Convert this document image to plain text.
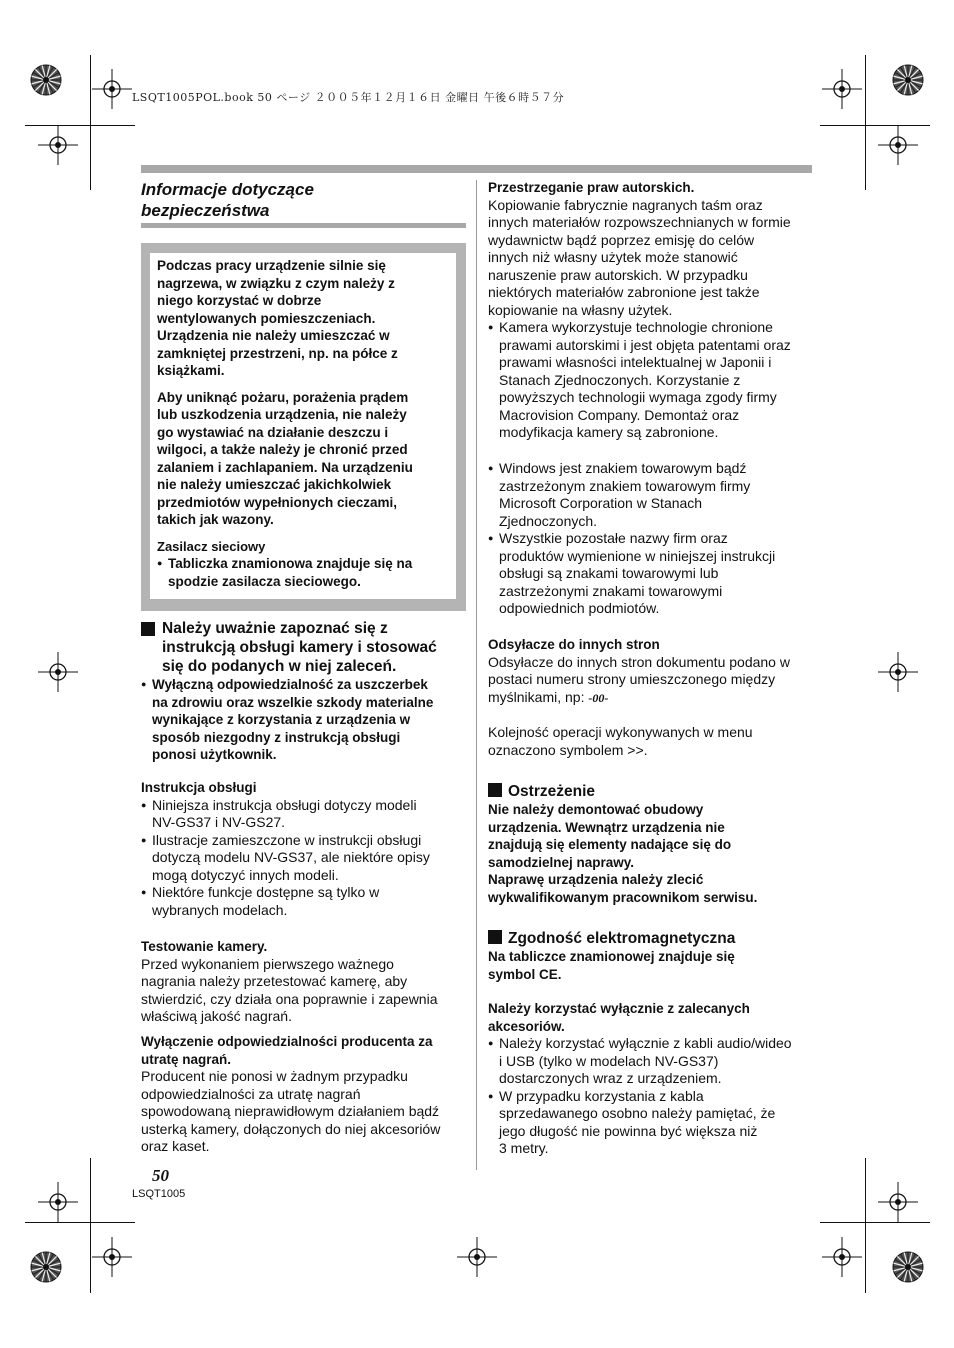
LSQT1005POL.book 50 ページ ２００５年１２月１６日 金曜日 午後６時５７分
Informacje dotyczące
bezpieczeństwa
Podczas pracy urządzenie silnie się
nagrzewa, w związku z czym należy z
niego korzystać w dobrze
wentylowanych pomieszczeniach.
Urządzenia nie należy umieszczać w
zamkniętej przestrzeni, np. na półce z
książkami.
Aby uniknąć pożaru, porażenia prądem
lub uszkodzenia urządzenia, nie należy
go wystawiać na działanie deszczu i
wilgoci, a także należy je chronić przed
zalaniem i zachlapaniem. Na urządzeniu
nie należy umieszczać jakichkolwiek
przedmiotów wypełnionych cieczami,
takich jak wazony.
Zasilacz sieciowy
● Tabliczka znamionowa znajduje się na
spodzie zasilacza sieciowego.
Należy uważnie zapoznać się z
instrukcją obsługi kamery i stosować
się do podanych w niej zaleceń.
● Wyłączną odpowiedzialność za uszczerbek
na zdrowiu oraz wszelkie szkody materialne
wynikające z korzystania z urządzenia w
sposób niezgodny z instrukcją obsługi
ponosi użytkownik.
Instrukcja obsługi
● Niniejsza instrukcja obsługi dotyczy modeli
NV-GS37 i NV-GS27.
● Ilustracje zamieszczone w instrukcji obsługi
dotyczą modelu NV-GS37, ale niektóre opisy
mogą dotyczyć innych modeli.
● Niektóre funkcje dostępne są tylko w
wybranych modelach.
Testowanie kamery.
Przed wykonaniem pierwszego ważnego
nagrania należy przetestować kamerę, aby
stwierdzić, czy działa ona poprawnie i zapewnia
właściwą jakość nagrań.
Wyłączenie odpowiedzialności producenta za
utratę nagrań.
Producent nie ponosi w żadnym przypadku
odpowiedzialności za utratę nagrań
spowodowaną nieprawidłowym działaniem bądź
usterką kamery, dołączonych do niej akcesoriów
oraz kaset.
Przestrzeganie praw autorskich.
Kopiowanie fabrycznie nagranych taśm oraz
innych materiałów rozpowszechnianych w formie
wydawnictw bądź poprzez emisję do celów
innych niż własny użytek może stanowić
naruszenie praw autorskich. W przypadku
niektórych materiałów zabronione jest także
kopiowanie na własny użytek.
● Kamera wykorzystuje technologie chronione
prawami autorskimi i jest objęta patentami oraz
prawami własności intelektualnej w Japonii i
Stanach Zjednoczonych. Korzystanie z
powyższych technologii wymaga zgody firmy
Macrovision Company. Demontaż oraz
modyfikacja kamery są zabronione.
● Windows jest znakiem towarowym bądź
zastrzeżonym znakiem towarowym firmy
Microsoft Corporation w Stanach
Zjednoczonych.
● Wszystkie pozostałe nazwy firm oraz
produktów wymienione w niniejszej instrukcji
obsługi są znakami towarowymi lub
zastrzeżonymi znakami towarowymi
odpowiednich podmiotów.
Odsyłacze do innych stron
Odsyłacze do innych stron dokumentu podano w
postaci numeru strony umieszczonego między
myślnikami, np: -00-
Kolejność operacji wykonywanych w menu
oznaczono symbolem >>.
Ostrzeżenie
Nie należy demontować obudowy
urządzenia. Wewnątrz urządzenia nie
znajdują się elementy nadające się do
samodzielnej naprawy.
Naprawę urządzenia należy zlecić
wykwalifikowanym pracownikom serwisu.
Zgodność elektromagnetyczna
Na tabliczce znamionowej znajduje się
symbol CE.
Należy korzystać wyłącznie z zalecanych
akcesoriów.
● Należy korzystać wyłącznie z kabli audio/wideo
i USB (tylko w modelach NV-GS37)
dostarczonych wraz z urządzeniem.
● W przypadku korzystania z kabla
sprzedawanego osobno należy pamiętać, że
jego długość nie powinna być większa niż
3 metry.
50
LSQT1005
